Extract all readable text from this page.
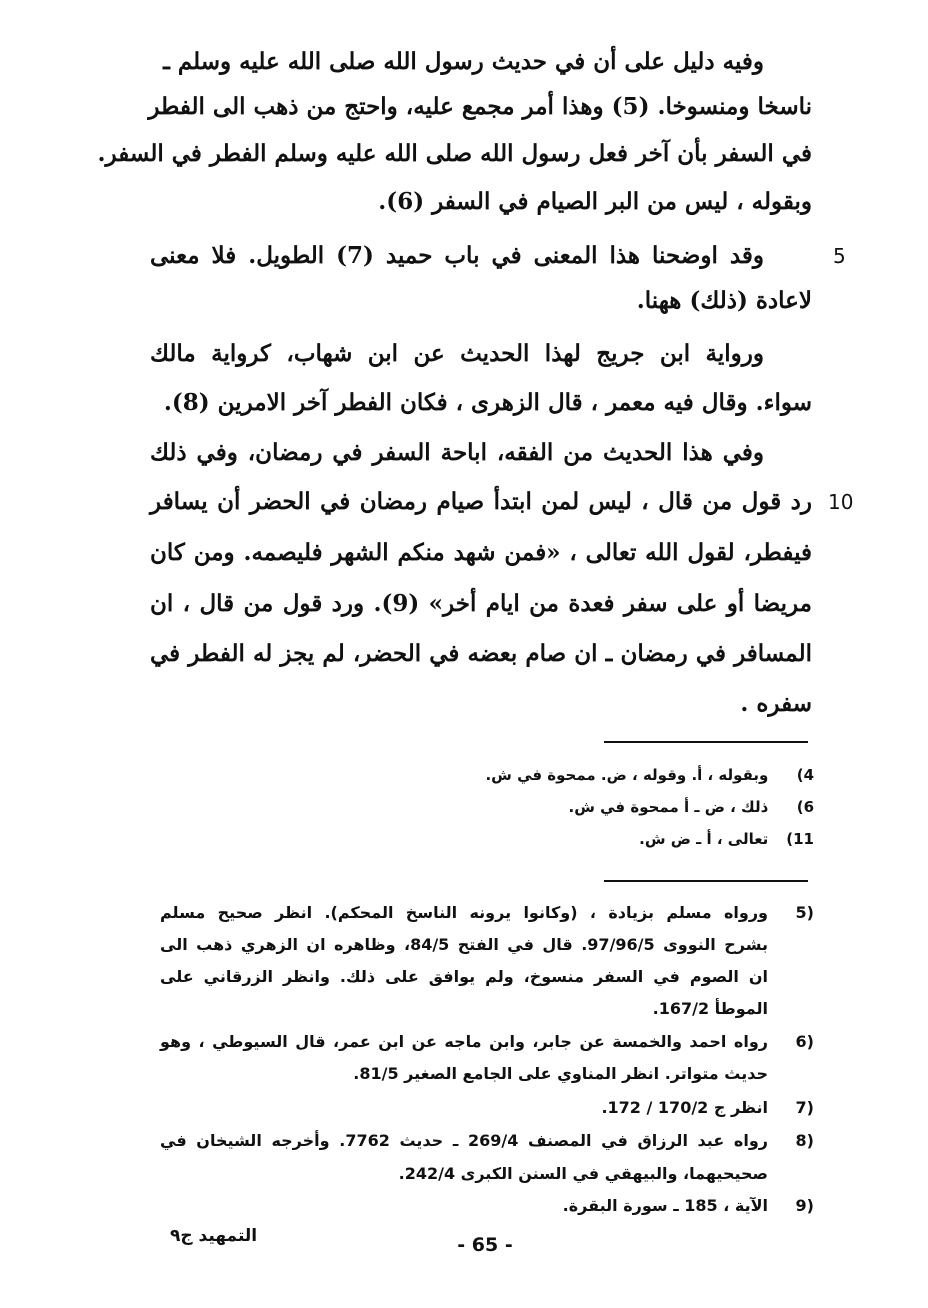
وفيه دليل على أن في حديث رسول الله صلى الله عليه وسلم ـ
ناسخا ومنسوخا. (5) وهذا أمر مجمع عليه، واحتج من ذهب الى الفطر
في السفر بأن آخر فعل رسول الله صلى الله عليه وسلم الفطر في السفر.
وبقوله ، ليس من البر الصيام في السفر (6).
وقد اوضحنا هذا المعنى في باب حميد (7) الطويل. فلا معنى
لاعادة (ذلك) ههنا.
ورواية ابن جريج لهذا الحديث عن ابن شهاب، كرواية مالك
سواء. وقال فيه معمر ، قال الزهرى ، فكان الفطر آخر الامرين (8).
وفي هذا الحديث من الفقه، اباحة السفر في رمضان، وفي ذلك
رد قول من قال ، ليس لمن ابتدأ صيام رمضان في الحضر أن يسافر
فيفطر، لقول الله تعالى ، «فمن شهد منكم الشهر فليصمه. ومن كان
مريضا أو على سفر فعدة من ايام أخر» (9). ورد قول من قال ، ان
المسافر في رمضان ـ ان صام بعضه في الحضر، لم يجز له الفطر في
سفره .
5
10
4)   وبقوله ، أ. وقوله ، ض. ممحوة في ش.
6)   ذلك ، ض ـ أ ممحوة في ش.
11)   تعالى ، أ ـ ض ش.
5)
ورواه مسلم بزيادة ، (وكانوا يرونه الناسخ المحكم). انظر صحيح مسلم
بشرح النووى 97/96/5. قال في الفتح 84/5، وظاهره ان الزهري ذهب الى
ان الصوم في السفر منسوخ، ولم يوافق على ذلك. وانظر الزرقاني على
الموطأ 167/2.
6)
رواه احمد والخمسة عن جابر، وابن ماجه عن ابن عمر، قال السيوطي ، وهو
حديث متواتر. انظر المناوي على الجامع الصغير 81/5.
7)
انظر ج 170/2 / 172.
8)
رواه عبد الرزاق في المصنف 269/4 ـ حديث 7762. وأخرجه الشيخان في
صحيحيهما، والبيهقي في السنن الكبرى 242/4.
9)
الآية ، 185 ـ سورة البقرة.
التمهيد ج٩	- 65 -
